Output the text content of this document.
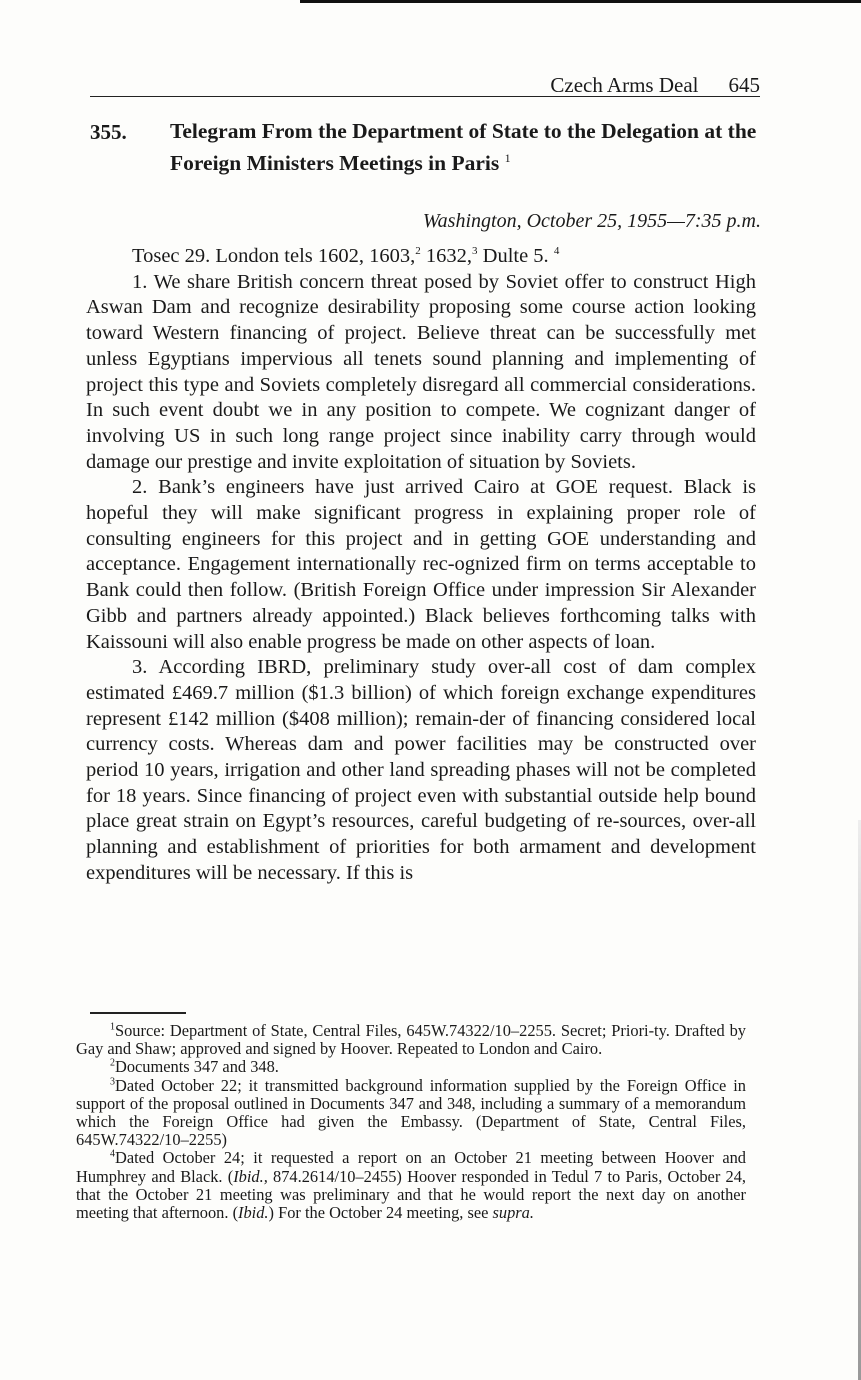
Czech Arms Deal 645
355. Telegram From the Department of State to the Delegation at the Foreign Ministers Meetings in Paris $^1$
Washington, October 25, 1955—7:35 p.m.

Tosec 29. London tels 1602, 1603,$^2$ 1632,$^3$ Dulte 5. $^4$

1. We share British concern threat posed by Soviet offer to construct High Aswan Dam and recognize desirability proposing some course action looking toward Western financing of project. Believe threat can be successfully met unless Egyptians impervious all tenets sound planning and implementing of project this type and Soviets completely disregard all commercial considerations. In such event doubt we in any position to compete. We cognizant danger of involving US in such long range project since inability carry through would damage our prestige and invite exploitation of situation by Soviets.

2. Bank’s engineers have just arrived Cairo at GOE request. Black is hopeful they will make significant progress in explaining proper role of consulting engineers for this project and in getting GOE understanding and acceptance. Engagement internationally rec-ognized firm on terms acceptable to Bank could then follow. (British Foreign Office under impression Sir Alexander Gibb and partners already appointed.) Black believes forthcoming talks with Kaissouni will also enable progress be made on other aspects of loan.

3. According IBRD, preliminary study over-all cost of dam complex estimated £469.7 million ($1.3 billion) of which foreign exchange expenditures represent £142 million ($408 million); remain-der of financing considered local currency costs. Whereas dam and power facilities may be constructed over period 10 years, irrigation and other land spreading phases will not be completed for 18 years. Since financing of project even with substantial outside help bound place great strain on Egypt’s resources, careful budgeting of re-sources, over-all planning and establishment of priorities for both armament and development expenditures will be necessary. If this is

$^1$Source: Department of State, Central Files, 645W.74322/10–2255. Secret; Priori-ty. Drafted by Gay and Shaw; approved and signed by Hoover. Repeated to London and Cairo.

$^2$Documents 347 and 348.

$^3$Dated October 22; it transmitted background information supplied by the Foreign Office in support of the proposal outlined in Documents 347 and 348, including a summary of a memorandum which the Foreign Office had given the Embassy. (Department of State, Central Files, 645W.74322/10–2255)

$^4$Dated October 24; it requested a report on an October 21 meeting between Hoover and Humphrey and Black. (Ibid., 874.2614/10–2455) Hoover responded in Tedul 7 to Paris, October 24, that the October 21 meeting was preliminary and that he would report the next day on another meeting that afternoon. (Ibid.) For the October 24 meeting, see supra.
